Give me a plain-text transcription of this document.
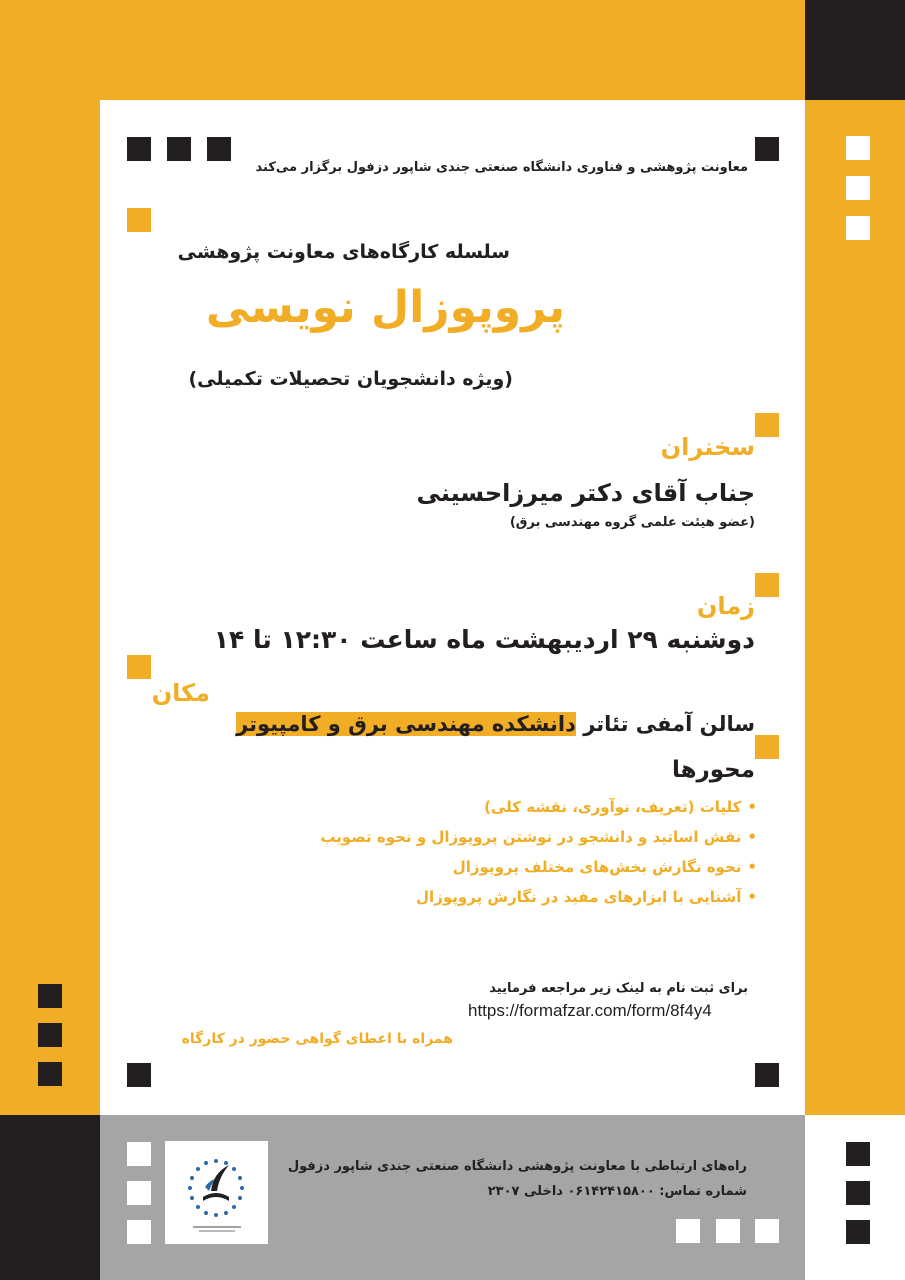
معاونت پژوهشی و فناوری دانشگاه صنعتی جندی شاپور دزفول برگزار می‌کند
سلسله کارگاه‌های معاونت پژوهشی
پروپوزال نویسی
(ویژه دانشجویان تحصیلات تکمیلی)
سخنران
جناب آقای دکتر میرزاحسینی
(عضو هیئت علمی گروه مهندسی برق)
زمان
دوشنبه ۲۹ اردیبهشت ماه ساعت ۱۲:۳۰ تا ۱۴
مکان
سالن آمفی تئاتر دانشکده مهندسی برق و کامپیوتر
محورها
•کلیات (تعریف، نوآوری، نقشه کلی)
•نقش اساتید و دانشجو در نوشتن پروپوزال و نحوه تصویب
•نحوه نگارش بخش‌های مختلف پروپوزال
•آشنایی با ابزارهای مفید در نگارش پروپوزال
برای ثبت نام به لینک زیر مراجعه فرمایید
https://formafzar.com/form/8f4y4
همراه با اعطای گواهی حضور در کارگاه
راه‌های ارتباطی با معاونت پژوهشی دانشگاه صنعتی جندی شاپور دزفول
شماره تماس: ۰۶۱۴۲۴۱۵۸۰۰ داخلی ۲۳۰۷
